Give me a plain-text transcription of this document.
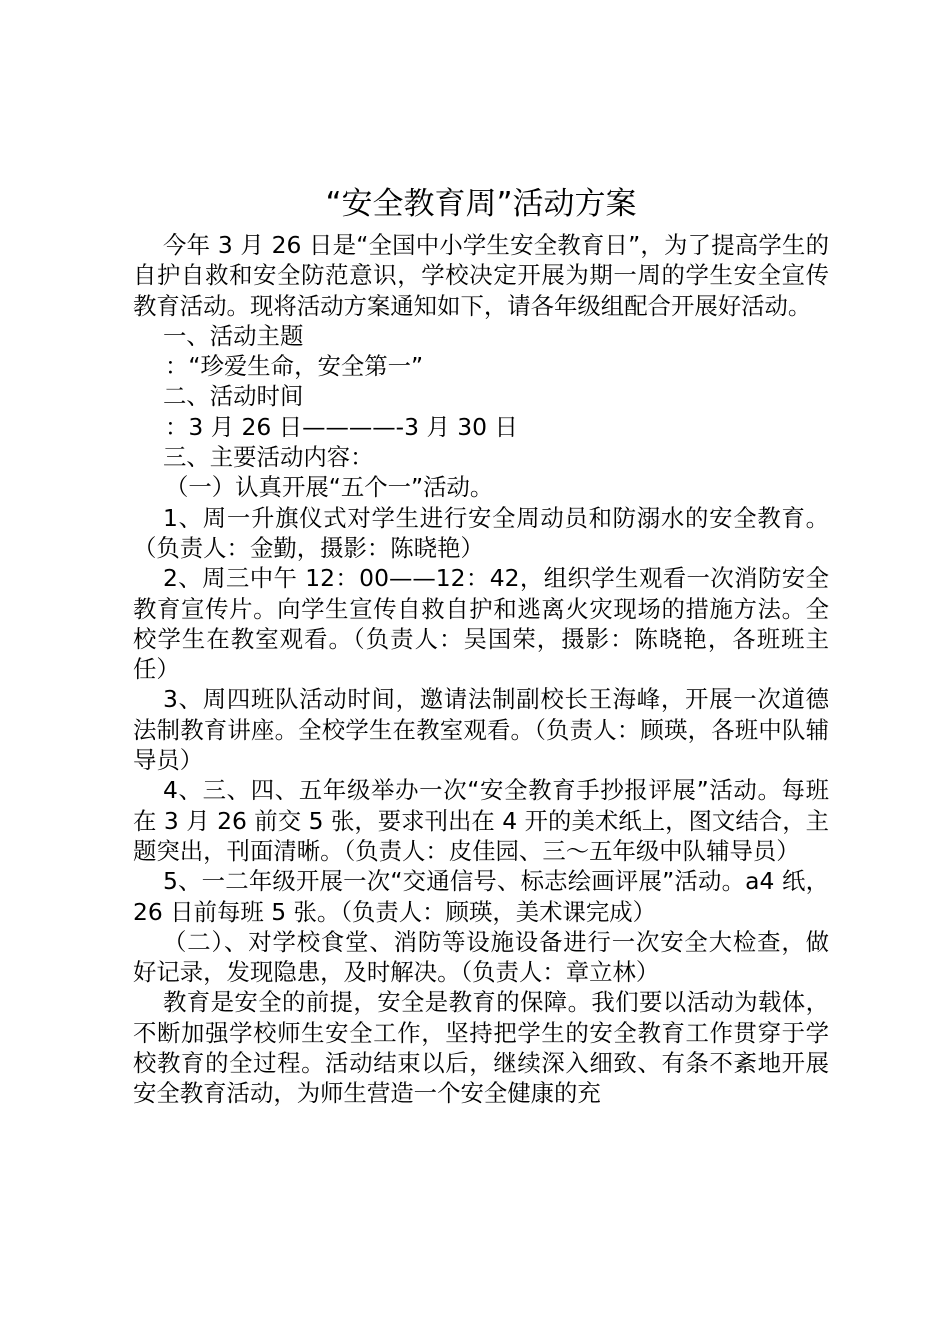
“安全教育周”活动方案

今年 3 月 26 日是“全国中小学生安全教育日”，为了提高学生的自护自救和安全防范意识，学校决定开展为期一周的学生安全宣传教育活动。现将活动方案通知如下，请各年级组配合开展好活动。

一、活动主题

：“珍爱生命，安全第一”

二、活动时间

：3 月 26 日————-3 月 30 日

三、主要活动内容：

（一）认真开展“五个一”活动。

1、周一升旗仪式对学生进行安全周动员和防溺水的安全教育。（负责人：金勤，摄影：陈晓艳）

2、周三中午 12：00——12：42，组织学生观看一次消防安全教育宣传片。向学生宣传自救自护和逃离火灾现场的措施方法。全校学生在教室观看。（负责人：吴国荣，摄影：陈晓艳，各班班主任）

3、周四班队活动时间，邀请法制副校长王海峰，开展一次道德法制教育讲座。全校学生在教室观看。（负责人：顾瑛，各班中队辅导员）

4、三、四、五年级举办一次“安全教育手抄报评展”活动。每班在 3 月 26 前交 5 张，要求刊出在 4 开的美术纸上，图文结合，主题突出，刊面清晰。（负责人：皮佳园、三～五年级中队辅导员）

5、一二年级开展一次“交通信号、标志绘画评展”活动。a4 纸，26 日前每班 5 张。（负责人：顾瑛，美术课完成）

（二）、对学校食堂、消防等设施设备进行一次安全大检查，做好记录，发现隐患，及时解决。（负责人：章立林）

教育是安全的前提，安全是教育的保障。我们要以活动为载体，不断加强学校师生安全工作，坚持把学生的安全教育工作贯穿于学校教育的全过程。活动结束以后，继续深入细致、有条不紊地开展安全教育活动，为师生营造一个安全健康的充
